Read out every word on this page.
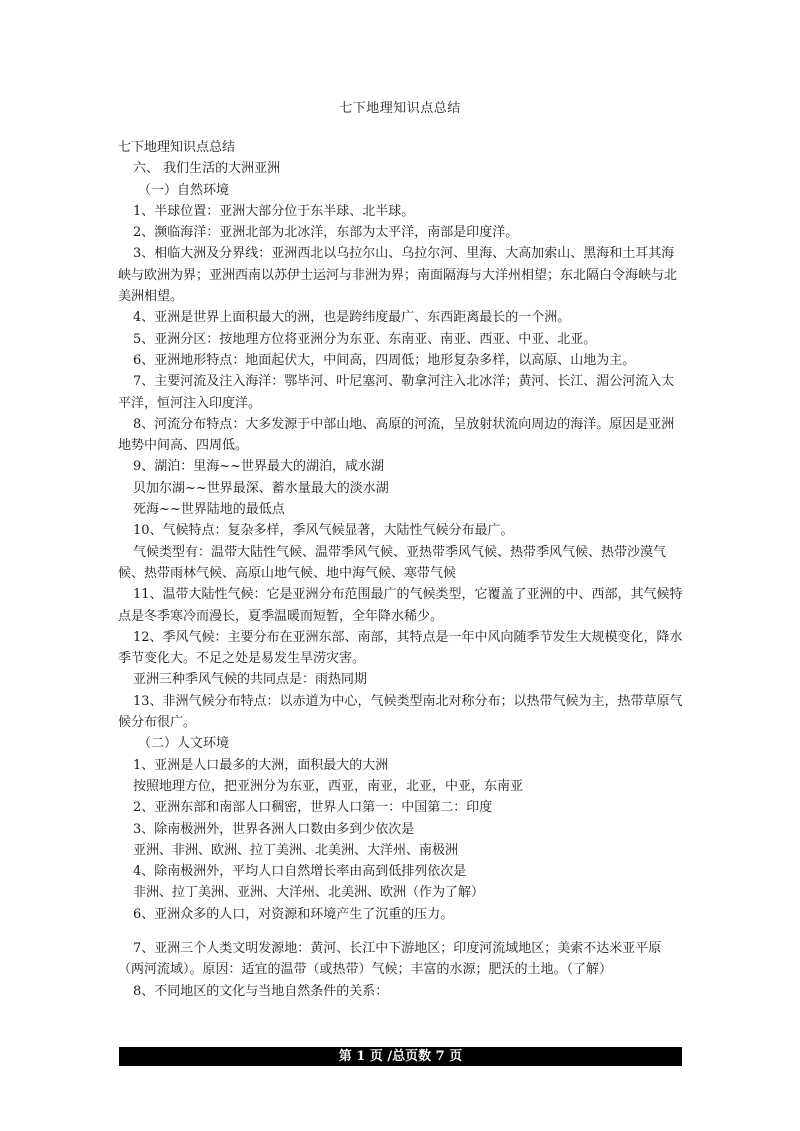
七下地理知识点总结

七下地理知识点总结

六、 我们生活的大洲亚洲

（一）自然环境

1、半球位置：亚洲大部分位于东半球、北半球。

2、濒临海洋：亚洲北部为北冰洋，东部为太平洋，南部是印度洋。

3、相临大洲及分界线：亚洲西北以乌拉尔山、乌拉尔河、里海、大高加索山、黑海和土耳其海峡与欧洲为界；亚洲西南以苏伊士运河与非洲为界；南面隔海与大洋州相望；东北隔白令海峡与北美洲相望。

4、亚洲是世界上面积最大的洲，也是跨纬度最广、东西距离最长的一个洲。

5、亚洲分区：按地理方位将亚洲分为东亚、东南亚、南亚、西亚、中亚、北亚。

6、亚洲地形特点：地面起伏大，中间高，四周低；地形复杂多样，以高原、山地为主。

7、主要河流及注入海洋：鄂毕河、叶尼塞河、勒拿河注入北冰洋；黄河、长江、湄公河流入太平洋，恒河注入印度洋。

8、河流分布特点：大多发源于中部山地、高原的河流，呈放射状流向周边的海洋。原因是亚洲地势中间高、四周低。

9、湖泊：里海~~世界最大的湖泊，咸水湖

贝加尔湖~~世界最深、蓄水量最大的淡水湖

死海~~世界陆地的最低点

10、气候特点：复杂多样，季风气候显著，大陆性气候分布最广。

气候类型有：温带大陆性气候、温带季风气候、亚热带季风气候、热带季风气候、热带沙漠气候、热带雨林气候、高原山地气候、地中海气候、寒带气候

11、温带大陆性气候：它是亚洲分布范围最广的气候类型，它覆盖了亚洲的中、西部，其气候特点是冬季寒冷而漫长，夏季温暖而短暂，全年降水稀少。

12、季风气候：主要分布在亚洲东部、南部，其特点是一年中风向随季节发生大规模变化，降水季节变化大。不足之处是易发生旱涝灾害。

亚洲三种季风气候的共同点是：雨热同期

13、非洲气候分布特点：以赤道为中心，气候类型南北对称分布；以热带气候为主，热带草原气候分布很广。

（二）人文环境

1、亚洲是人口最多的大洲，面积最大的大洲

按照地理方位，把亚洲分为东亚，西亚，南亚，北亚，中亚，东南亚

2、亚洲东部和南部人口稠密，世界人口第一：中国第二：印度

3、除南极洲外，世界各洲人口数由多到少依次是

亚洲、非洲、欧洲、拉丁美洲、北美洲、大洋州、南极洲

4、除南极洲外，平均人口自然增长率由高到低排列依次是

非洲、拉丁美洲、亚洲、大洋州、北美洲、欧洲（作为了解）

6、亚洲众多的人口，对资源和环境产生了沉重的压力。

7、亚洲三个人类文明发源地：黄河、长江中下游地区；印度河流域地区；美索不达米亚平原（两河流域）。原因：适宜的温带（或热带）气候；丰富的水源；肥沃的土地。（了解）

8、不同地区的文化与当地自然条件的关系：

第 1 页 /总页数 7 页
